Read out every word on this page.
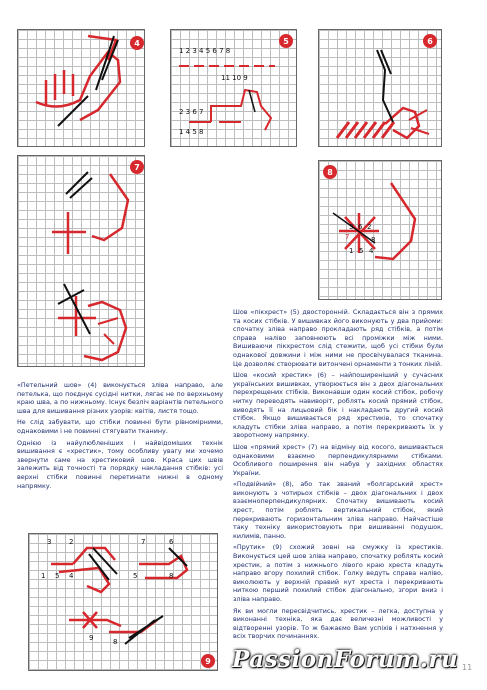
4
1 2 3 4 5 6 7 8
11 10 9
2 3 6 7
1 4 5 8
5	6
7
3 6 2
7	8
1 5 4
8
3	2
1 5 4
7	6
5	8
9	8
9

«Петельний шов» (4) виконується зліва направо, але петелька, що поєднує сусідні нитки, лягає не по верхньому краю шва, а по нижньому. Існує безліч варіантів петельного шва для вишивання різних узорів: квітів, листя тощо.

Не слід забувати, що стібки повинні бути рівномірними, однаковими і не повинні стягувати тканину.

Однією із найулюбленіших і найвідоміших технік вишивання є «хрестик», тому особливу увагу ми хочемо звернути саме на хрестиковий шов. Краса цих швів залежить від точності та порядку накладання стібків: усі верхні стібки повинні перетинати нижні в одному напрямку.

Шов «пікхрест» (5) двосторонній. Складається він з прямих та косих стібків. У вишивках його виконують у два прийоми: спочатку зліва направо прокладають ряд стібків, а потім справа наліво заповнюють всі проміжки між ними. Вишиваючи пікхрестом слід стежити, щоб усі стібки були однакової довжини і між ними не просвічувалася тканина. Це дозволяє створювати витончені орнаменти з тонких ліній.

Шов «косий хрестик» (6) – найпоширеніший у сучасних українських вишивках, утворюється він з двох діагональних перехрещених стібків. Виконавши один косий стібок, робочу нитку переводять навиворіт, роблять косий прямий стібок, виводять її на лицьовий бік і накладають другий косий стібок. Якщо вишивається ряд хрестиків, то спочатку кладуть стібки зліва направо, а потім перекривають їх у зворотному напрямку.

Шов «прямий хрест» (7) на відміну від косого, вишивається однаковими взаємно перпендикулярними стібками. Особливого поширення він набув у західних областях України.

«Подвійний» (8), або так званий «болгарський хрест» виконують з чотирьох стібків – двох діагональних і двох взаємноперпендикулярних. Спочатку вишивають косий хрест, потім роблять вертикальний стібок, який перекривають горизонтальним зліва направо. Найчастіше таку техніку використовують при вишиванні подушок, килимів, панно.

«Прутик» (9) схожий зовні на смужку із хрестиків. Виконується цей шов зліва направо, спочатку роблять косий хрестик, а потім з нижнього лівого краю хреста кладуть направо вгору похилий стібок. Голку ведуть справа наліво, виколюють у верхній правий кут хреста і перекривають ниткою перший похилий стібок діагонально, згори вниз і зліва направо.

Як ви могли пересвідчитись, хрестик – легка, доступна у виконанні техніка, яка дає величезні можливості у відтворенні узорів. То ж бажаємо Вам успіхів і натхнення у всіх творчих починаннях.

PassionForum.ru 11
